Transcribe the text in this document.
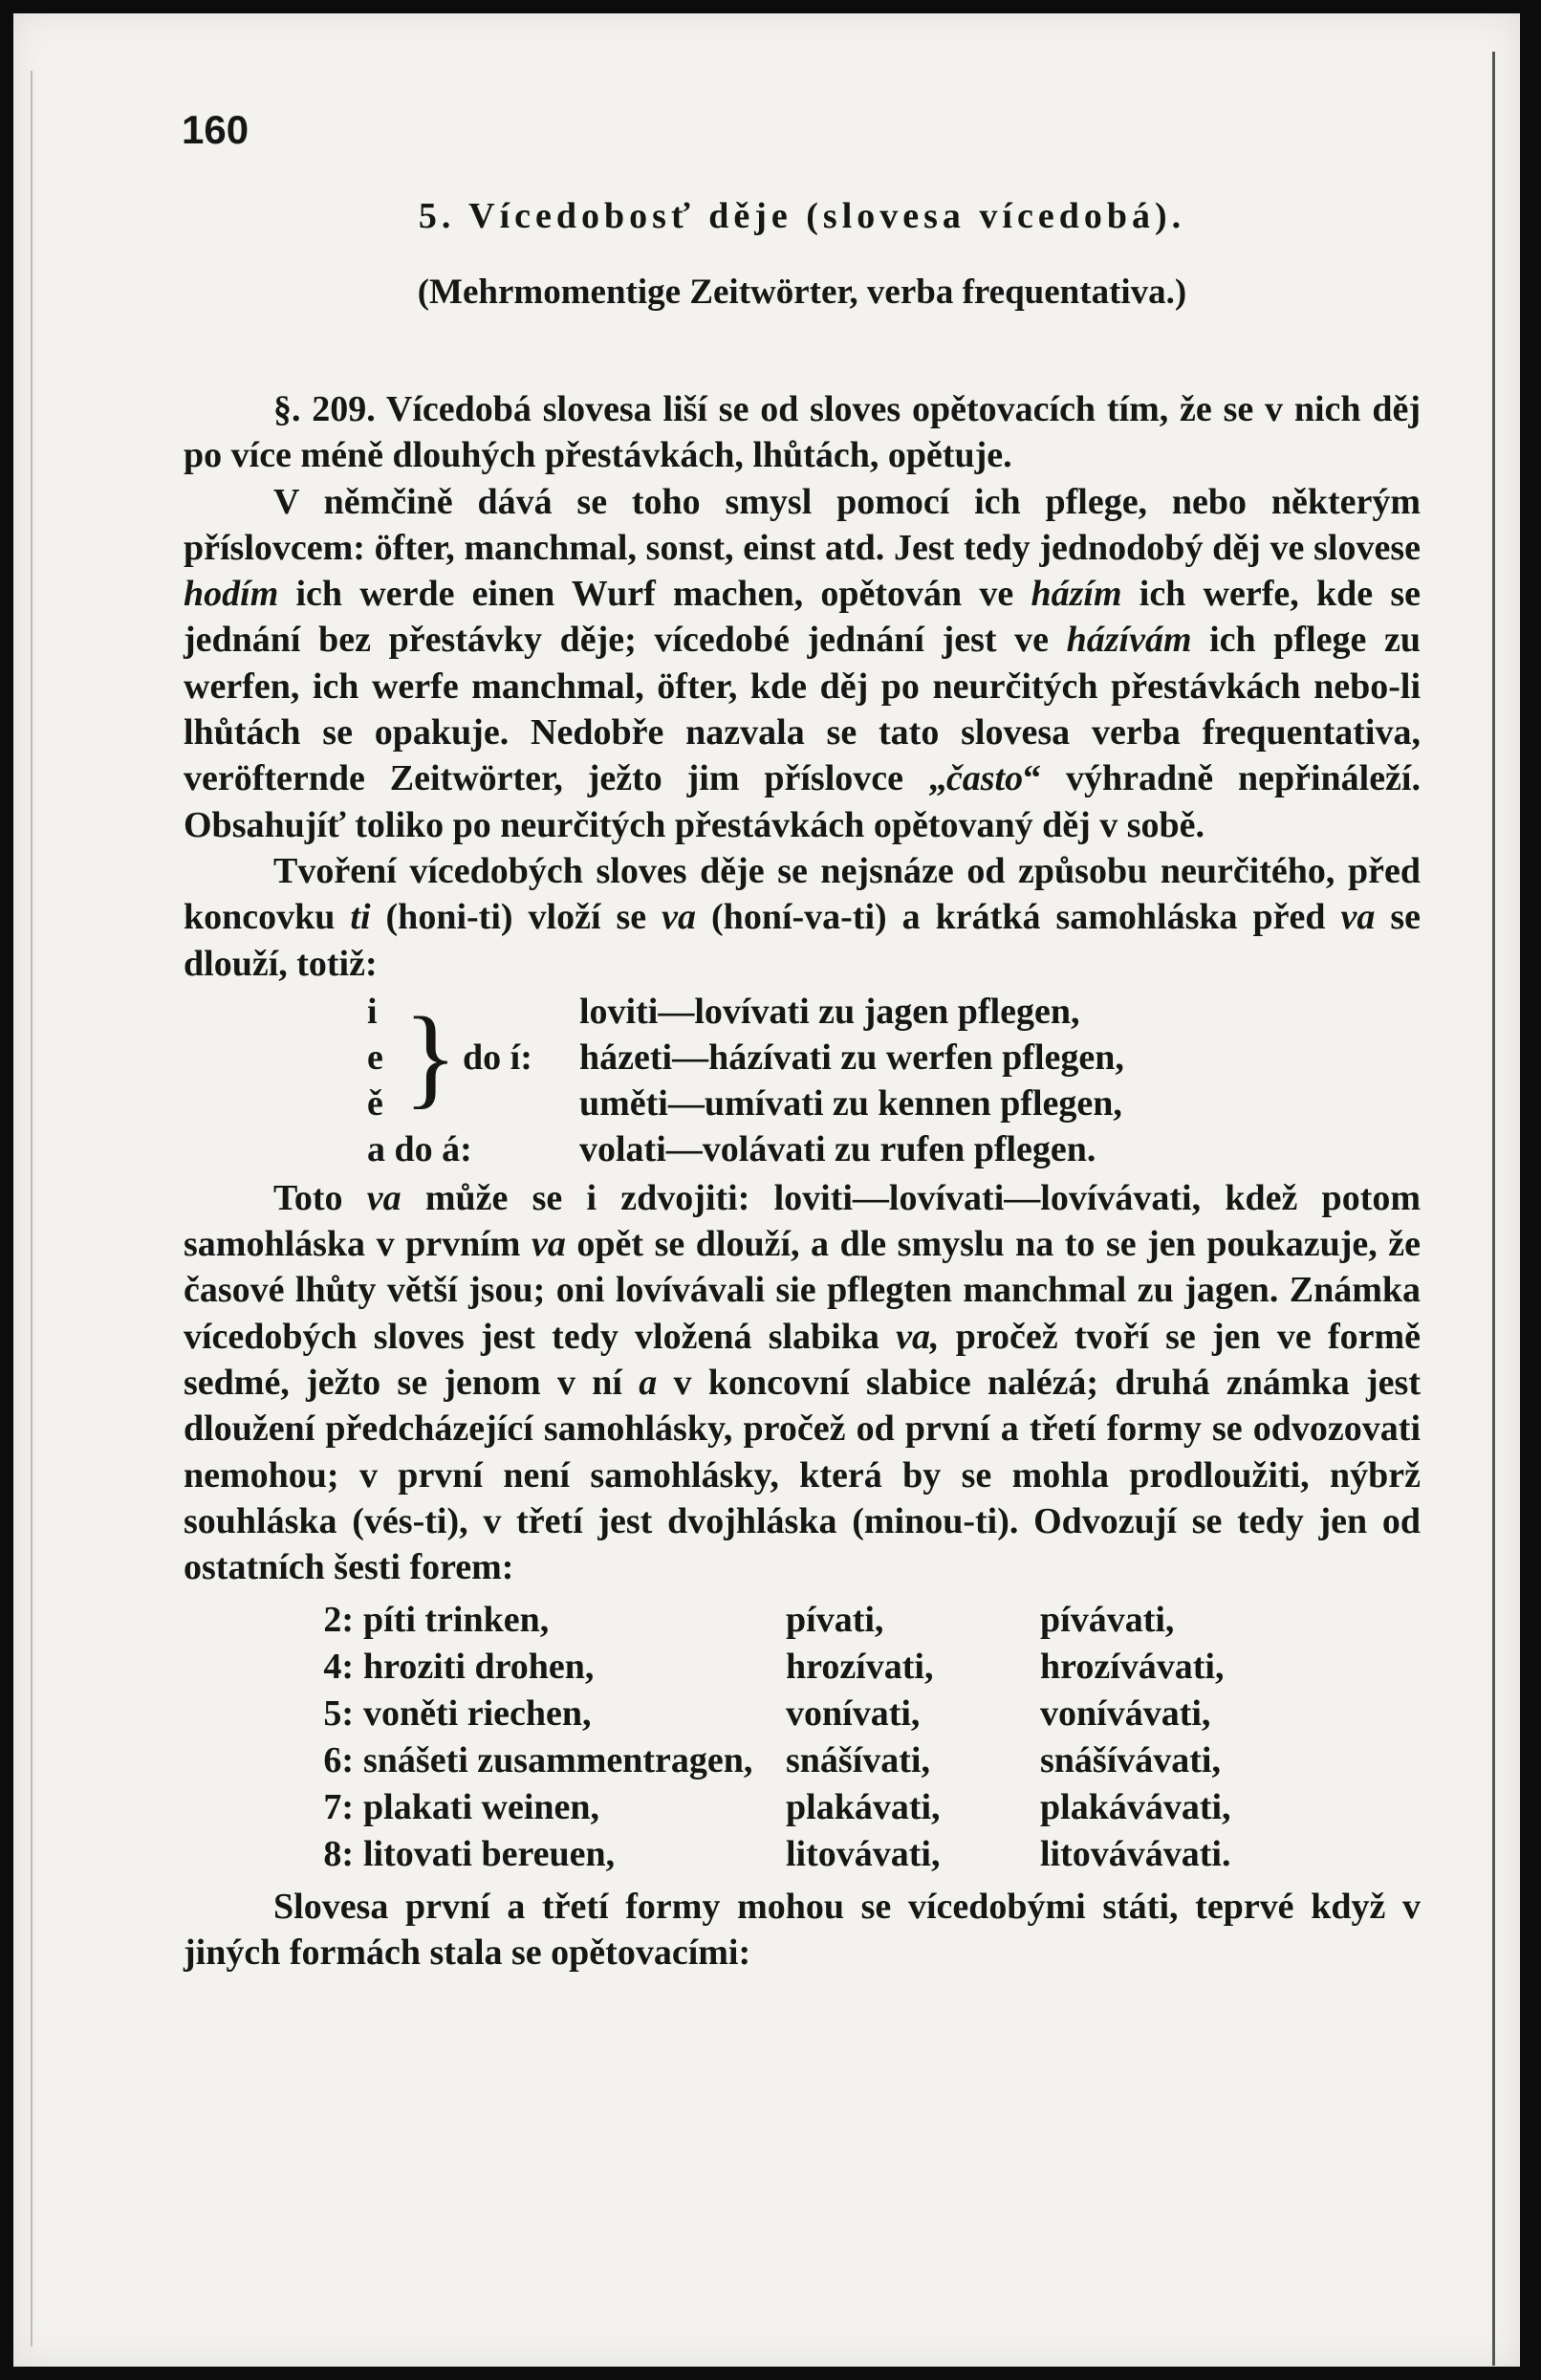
160
5. Vícedobosť děje (slovesa vícedobá).
(Mehrmomentige Zeitwörter, verba frequentativa.)

§. 209. Vícedobá slovesa liší se od sloves opětovacích tím, že se v nich děj po více méně dlouhých přestávkách, lhůtách, opětuje.

V němčině dává se toho smysl pomocí ich pflege, nebo některým příslovcem: öfter, manchmal, sonst, einst atd. Jest tedy jednodobý děj ve slovese hodím ich werde einen Wurf machen, opětován ve házím ich werfe, kde se jednání bez přestávky děje; vícedobé jednání jest ve házívám ich pflege zu werfen, ich werfe manchmal, öfter, kde děj po neurčitých přestávkách nebo-li lhůtách se opakuje. Nedobře nazvala se tato slovesa verba frequentativa, veröfternde Zeitwörter, ježto jim příslovce „často“ výhradně nepřináleží. Obsahujíť toliko po neurčitých přestávkách opětovaný děj v sobě.

Tvoření vícedobých sloves děje se nejsnáze od způsobu neurčitého, před koncovku ti (honi-ti) vloží se va (honí-va-ti) a krátká samohláska před va se dlouží, totiž:

i	loviti—lovívati zu jagen pflegen,
e do í: házeti—házívati zu werfen pflegen,
ě	uměti—umívati zu kennen pflegen,
}
a do á:	volati—volávati zu rufen pflegen.

Toto va může se i zdvojiti: loviti—lovívati—lovívávati, kdež potom samohláska v prvním va opět se dlouží, a dle smyslu na to se jen poukazuje, že časové lhůty větší jsou; oni lovívávali sie pflegten manchmal zu jagen. Známka vícedobých sloves jest tedy vložená slabika va, pročež tvoří se jen ve formě sedmé, ježto se jenom v ní a v koncovní slabice nalézá; druhá známka jest dloužení předcházející samohlásky, pročež od první a třetí formy se odvozovati nemohou; v první není samohlásky, která by se mohla prodloužiti, nýbrž souhláska (vés-ti), v třetí jest dvojhláska (minou-ti). Odvozují se tedy jen od ostatních šesti forem:

2: píti trinken,	pívati,	pívávati,
4: hroziti drohen,	hrozívati,	hrozívávati,
5: voněti riechen,	vonívati,	vonívávati,
6: snášeti zusammentragen, snášívati,	snášívávati,
7: plakati weinen,	plakávati,	plakávávati,
8: litovati bereuen,	litovávati,	litovávávati.

Slovesa první a třetí formy mohou se vícedobými státi, teprvé když v jiných formách stala se opětovacími:
